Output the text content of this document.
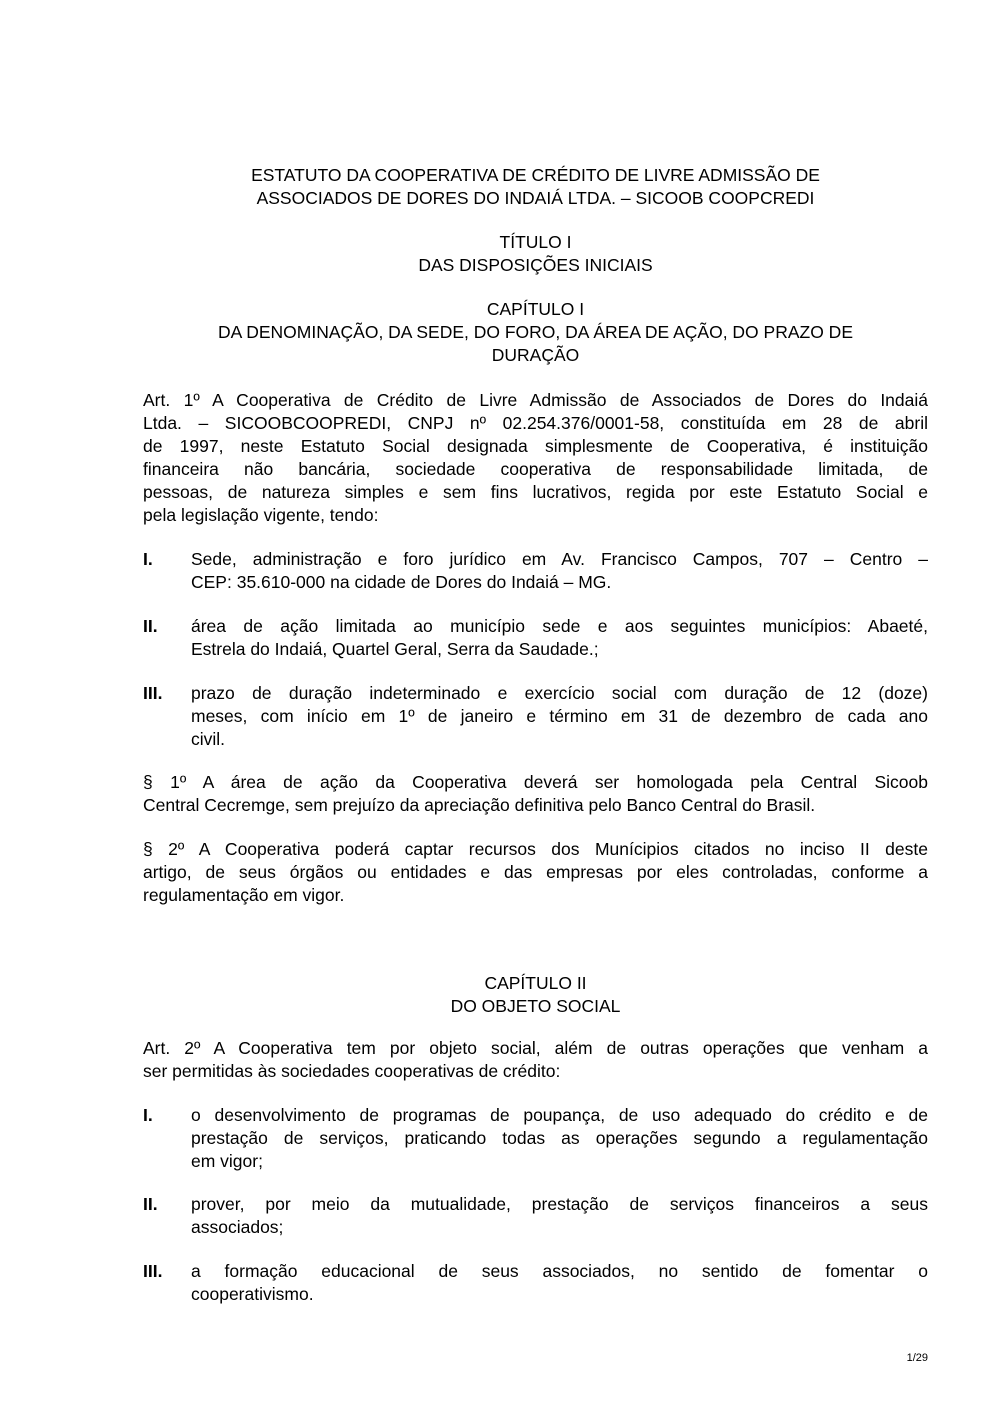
ESTATUTO DA COOPERATIVA DE CRÉDITO DE LIVRE ADMISSÃO DE
ASSOCIADOS DE DORES DO INDAIÁ LTDA. – SICOOB COOPCREDI
TÍTULO I
DAS DISPOSIÇÕES INICIAIS
CAPÍTULO I
DA DENOMINAÇÃO, DA SEDE, DO FORO, DA ÁREA DE AÇÃO, DO PRAZO DE
DURAÇÃO
Art. 1º A Cooperativa de Crédito de Livre Admissão de Associados de Dores do Indaiá
Ltda. – SICOOBCOOPREDI, CNPJ nº 02.254.376/0001-58, constituída em 28 de abril
de 1997, neste Estatuto Social designada simplesmente de Cooperativa, é instituição
financeira não bancária, sociedade cooperativa de responsabilidade limitada, de
pessoas, de natureza simples e sem fins lucrativos, regida por este Estatuto Social e
pela legislação vigente, tendo:
I. Sede, administração e foro jurídico em Av. Francisco Campos, 707 – Centro –
CEP: 35.610-000 na cidade de Dores do Indaiá – MG.
II. área de ação limitada ao município sede e aos seguintes municípios: Abaeté,
Estrela do Indaiá, Quartel Geral, Serra da Saudade.;
III. prazo de duração indeterminado e exercício social com duração de 12 (doze)
meses, com início em 1º de janeiro e término em 31 de dezembro de cada ano
civil.
§ 1º A área de ação da Cooperativa deverá ser homologada pela Central Sicoob
Central Cecremge, sem prejuízo da apreciação definitiva pelo Banco Central do Brasil.
§ 2º A Cooperativa poderá captar recursos dos Munícipios citados no inciso II deste
artigo, de seus órgãos ou entidades e das empresas por eles controladas, conforme a
regulamentação em vigor.
CAPÍTULO II
DO OBJETO SOCIAL
Art. 2º A Cooperativa tem por objeto social, além de outras operações que venham a
ser permitidas às sociedades cooperativas de crédito:
I. o desenvolvimento de programas de poupança, de uso adequado do crédito e de
prestação de serviços, praticando todas as operações segundo a regulamentação
em vigor;
II. prover, por meio da mutualidade, prestação de serviços financeiros a seus
associados;
III. a formação educacional de seus associados, no sentido de fomentar o
cooperativismo.
1/29
